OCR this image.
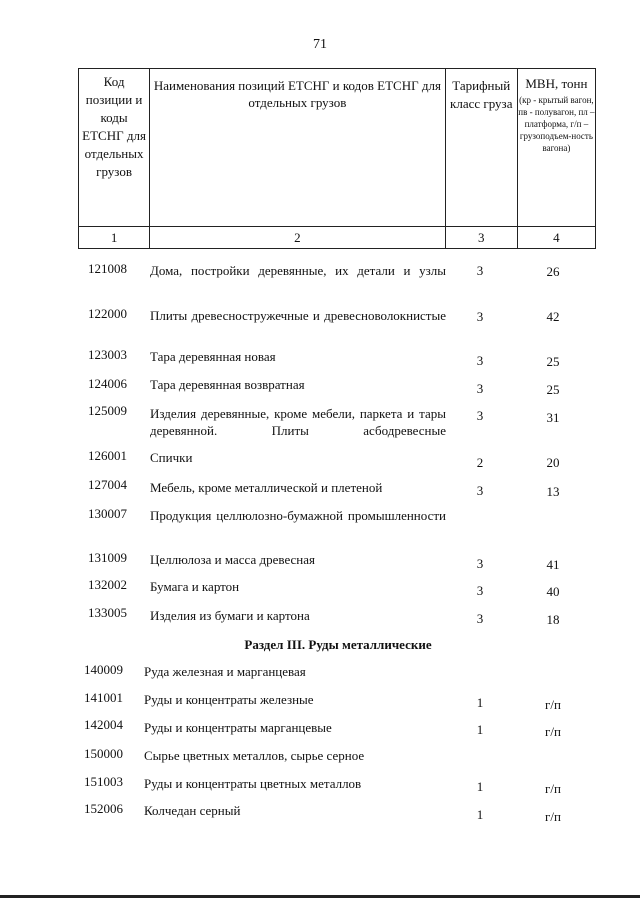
71
Код позиции и коды ЕТСНГ для отдельных грузов	Наименования позиций ЕТСНГ и кодов ЕТСНГ для отдельных грузов	Тарифный класс груза	МВН, тонн
(кр - крытый вагон, пв - полувагон, пл – платформа, г/п – грузоподъем-ность вагона)

1	2	3	4
121008 Дома, постройки деревянные, их детали и узлы	3	26
122000 Плиты древесностружечные и древесноволокнистые	3	42
123003 Тара деревянная новая	3	25
124006 Тара деревянная возвратная	3	25
125009 Изделия деревянные, кроме мебели, паркета и тары деревянной. Плиты асбодревесные
3	31
126001 Спички	2	20
127004 Мебель, кроме металлической и плетеной	3	13
130007 Продукция целлюлозно-бумажной промышленности
131009 Целлюлоза и масса древесная	3	41
132002 Бумага и картон	3	40
133005 Изделия из бумаги и картона	3	18
Раздел III. Руды металлические
140009 Руда железная и марганцевая
141001 Руды и концентраты железные	1	г/п
142004 Руды и концентраты марганцевые	1	г/п
150000 Сырье цветных металлов, сырье серное
151003 Руды и концентраты цветных металлов	1	г/п
152006 Колчедан серный	1	г/п
